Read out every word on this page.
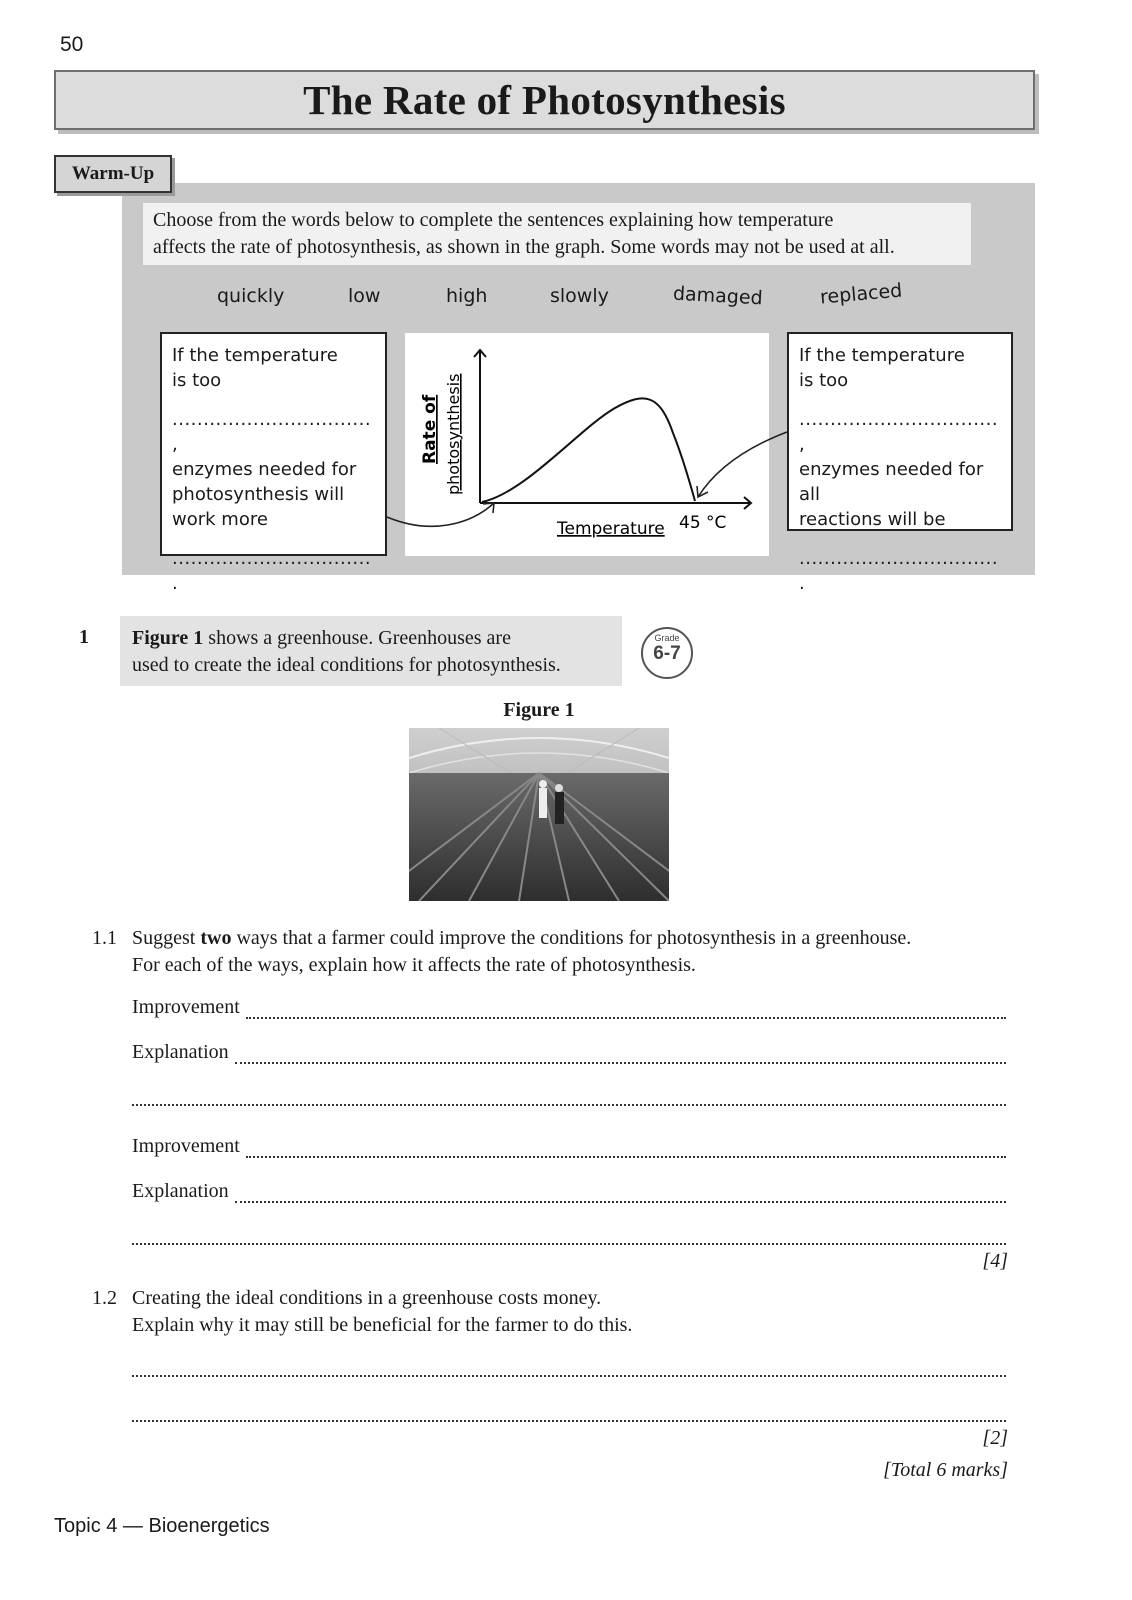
50
The Rate of Photosynthesis
Warm-Up
Choose from the words below to complete the sentences explaining how temperature
affects the rate of photosynthesis, as shown in the graph. Some words may not be used at all.
quickly	low	high	slowly	damaged	replaced
If the temperature
is too
................................ ,
enzymes needed for
photosynthesis will
work more
................................ .
If the temperature
is too
................................ ,
enzymes needed for all
reactions will be
................................ .
Rate of photosynthesis
Temperature 45 °C
1 Figure 1 shows a greenhouse. Greenhouses are
used to create the ideal conditions for photosynthesis.
Grade
6-7
Figure 1
1.1 Suggest two ways that a farmer could improve the conditions for photosynthesis in a greenhouse.
For each of the ways, explain how it affects the rate of photosynthesis.
Improvement
Explanation
Improvement
Explanation
[4]
1.2 Creating the ideal conditions in a greenhouse costs money.
Explain why it may still be beneficial for the farmer to do this.
[2]
[Total 6 marks]
Topic 4 — Bioenergetics
